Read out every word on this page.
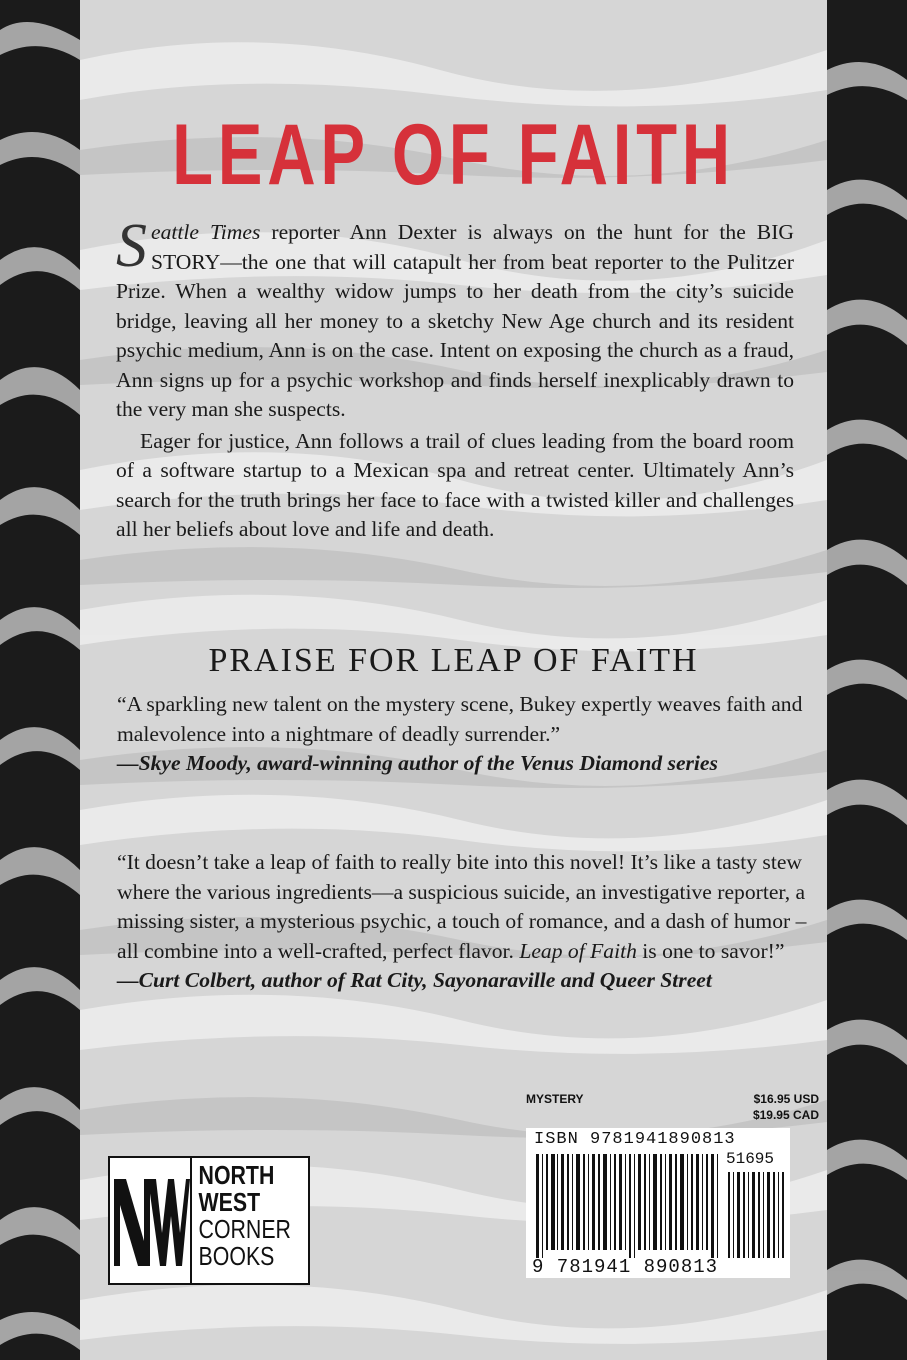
LEAP OF FAITH

Seattle Times reporter Ann Dexter is always on the hunt for the BIG STORY—the one that will catapult her from beat reporter to the Pulitzer Prize. When a wealthy widow jumps to her death from the city’s suicide bridge, leaving all her money to a sketchy New Age church and its resident psychic medium, Ann is on the case. Intent on exposing the church as a fraud, Ann signs up for a psychic workshop and finds herself inexplicably drawn to the very man she suspects.

Eager for justice, Ann follows a trail of clues leading from the board room of a software startup to a Mexican spa and retreat center. Ultimately Ann’s search for the truth brings her face to face with a twisted killer and challenges all her beliefs about love and life and death.

PRAISE FOR LEAP OF FAITH
“A sparkling new talent on the mystery scene, Bukey expertly weaves faith and malevolence into a nightmare of deadly surrender.”
—Skye Moody, award-winning author of the Venus Diamond series
“It doesn’t take a leap of faith to really bite into this novel! It’s like a tasty stew where the various ingredients—a suspicious suicide, an investigative reporter, a missing sister, a mysterious psychic, a touch of romance, and a dash of humor – all combine into a well-crafted, perfect flavor. Leap of Faith is one to savor!”
—Curt Colbert, author of Rat City, Sayonaraville and Queer Street
NORTH
WEST
CORNER
BOOKS
MYSTERY	$16.95 USD
$19.95 CAD
ISBN 9781941890813
51695
9 781941 890813
